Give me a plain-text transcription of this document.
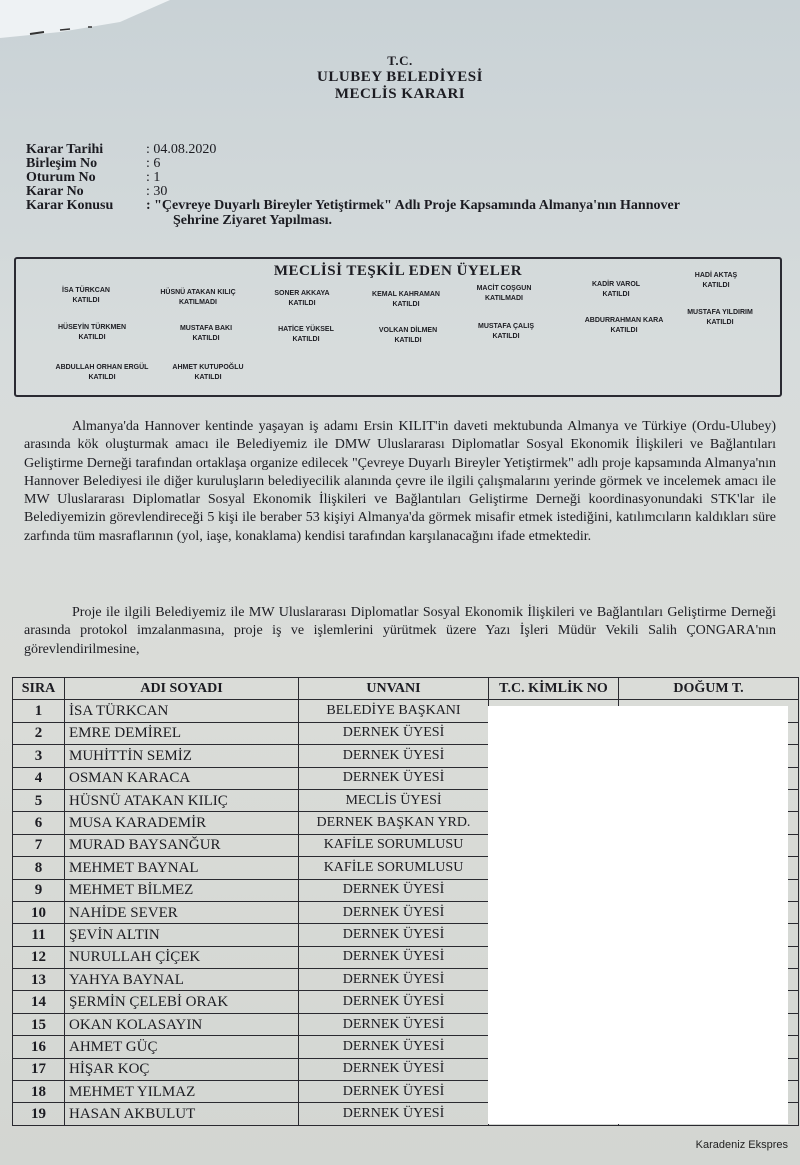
T.C.
ULUBEY BELEDİYESİ
MECLİS KARARI
Karar Tarihi	: 04.08.2020
Birleşim No	: 6
Oturum No	: 1
Karar No	: 30
Karar Konusu	: "Çevreye Duyarlı Bireyler Yetiştirmek" Adlı Proje Kapsamında Almanya'nın Hannover
Şehrine Ziyaret Yapılması.
MECLİSİ TEŞKİL EDEN ÜYELER
İSA TÜRKCAN
KATILDI
HÜSNÜ ATAKAN KILIÇ
KATILMADI
SONER AKKAYA
KATILDI
KEMAL KAHRAMAN
KATILDI
MACİT COŞGUN
KATILMADI
KADİR VAROL
KATILDI
HADİ AKTAŞ
KATILDI
HÜSEYİN TÜRKMEN
KATILDI
MUSTAFA BAKI
KATILDI
HATİCE YÜKSEL
KATILDI
VOLKAN DİLMEN
KATILDI
MUSTAFA ÇALIŞ
KATILDI
ABDURRAHMAN KARA
KATILDI
MUSTAFA YILDIRIM
KATILDI
ABDULLAH ORHAN ERGÜL
KATILDI
AHMET KUTUPOĞLU
KATILDI
Almanya'da Hannover kentinde yaşayan iş adamı Ersin KILIT'in daveti mektubunda Almanya ve Türkiye (Ordu-Ulubey) arasında kök oluşturmak amacı ile Belediyemiz ile DMW Uluslararası Diplomatlar Sosyal Ekonomik İlişkileri ve Bağlantıları Geliştirme Derneği tarafından ortaklaşa organize edilecek "Çevreye Duyarlı Bireyler Yetiştirmek" adlı proje kapsamında Almanya'nın Hannover Belediyesi ile diğer kuruluşların belediyecilik alanında çevre ile ilgili çalışmalarını yerinde görmek ve incelemek amacı ile MW Uluslararası Diplomatlar Sosyal Ekonomik İlişkileri ve Bağlantıları Geliştirme Derneği koordinasyonundaki STK'lar ile Belediyemizin görevlendireceği 5 kişi ile beraber 53 kişiyi Almanya'da görmek misafir etmek istediğini, katılımcıların kaldıkları süre zarfında tüm masraflarının (yol, iaşe, konaklama) kendisi tarafından karşılanacağını ifade etmektedir.
Proje ile ilgili Belediyemiz ile MW Uluslararası Diplomatlar Sosyal Ekonomik İlişkileri ve Bağlantıları Geliştirme Derneği arasında protokol imzalanmasına, proje iş ve işlemlerini yürütmek üzere Yazı İşleri Müdür Vekili Salih ÇONGARA'nın görevlendirilmesine,
SIRA	ADI SOYADI	UNVANI	T.C. KİMLİK NO	DOĞUM T.
1	İSA TÜRKCAN	BELEDİYE BAŞKANI		
2	EMRE DEMİREL	DERNEK ÜYESİ		
3	MUHİTTİN SEMİZ	DERNEK ÜYESİ		
4	OSMAN KARACA	DERNEK ÜYESİ		
5	HÜSNÜ ATAKAN KILIÇ	MECLİS ÜYESİ		
6	MUSA KARADEMİR	DERNEK BAŞKAN YRD.		
7	MURAD BAYSANĞUR	KAFİLE SORUMLUSU		
8	MEHMET BAYNAL	KAFİLE SORUMLUSU		
9	MEHMET BİLMEZ	DERNEK ÜYESİ		
10	NAHİDE SEVER	DERNEK ÜYESİ		
11	ŞEVİN ALTIN	DERNEK ÜYESİ		
12	NURULLAH ÇİÇEK	DERNEK ÜYESİ		
13	YAHYA BAYNAL	DERNEK ÜYESİ		
14	ŞERMİN ÇELEBİ ORAK	DERNEK ÜYESİ		
15	OKAN KOLASAYIN	DERNEK ÜYESİ		
16	AHMET GÜÇ	DERNEK ÜYESİ		
17	HİŞAR KOÇ	DERNEK ÜYESİ		
18	MEHMET YILMAZ	DERNEK ÜYESİ		
19	HASAN AKBULUT	DERNEK ÜYESİ		
Karadeniz Ekspres
